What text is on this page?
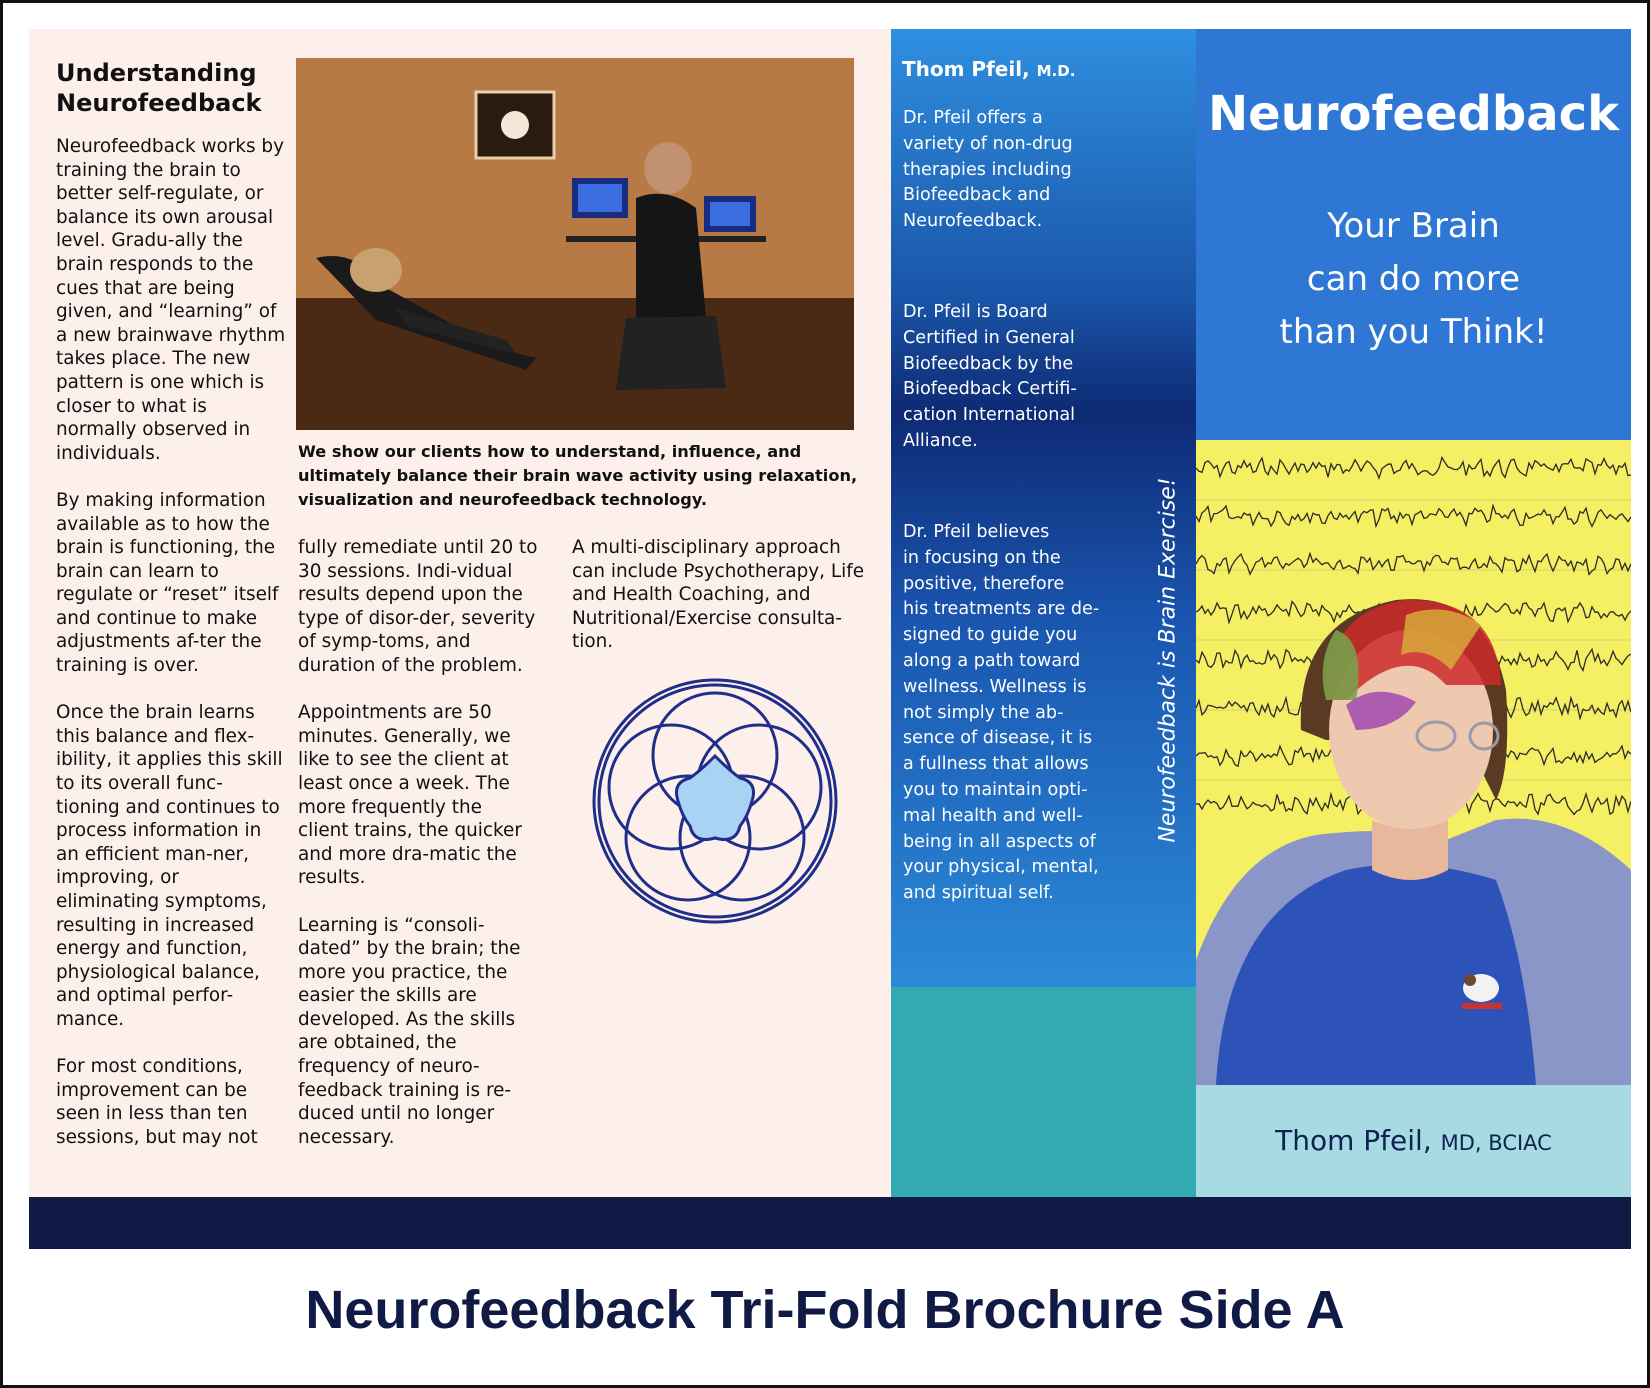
Understanding Neurofeedback

We show our clients how to understand, influence, and ultimately balance their brain wave activity using relaxation, visualization and neurofeedback technology.

Neurofeedback works by training the brain to better self-regulate, or balance its own arousal level. Gradu-ally the brain responds to the cues that are being given, and “learning” of a new brainwave rhythm takes place. The new pattern is one which is closer to what is normally observed in individuals.

By making information available as to how the brain is functioning, the brain can learn to regulate or “reset” itself and continue to make adjustments af-ter the training is over.

Once the brain learns this balance and flex-ibility, it applies this skill to its overall func-tioning and continues to process information in an efficient man-ner, improving, or eliminating symptoms, resulting in increased energy and function, physiological balance, and optimal perfor-mance.

For most conditions, improvement can be seen in less than ten sessions, but may not

fully remediate until 20 to 30 sessions. Indi-vidual results depend upon the type of disor-der, severity of symp-toms, and duration of the problem.

Appointments are 50 minutes. Generally, we like to see the client at least once a week. The more frequently the client trains, the quicker and more dra-matic the results.

Learning is “consoli-dated” by the brain; the more you practice, the easier the skills are developed. As the skills are obtained, the frequency of neuro-feedback training is re-duced until no longer necessary.

A multi-disciplinary approach can include Psychotherapy, Life and Health Coaching, and Nutritional/Exercise consulta-tion.

Thom Pfeil, M.D.

Dr. Pfeil offers a
variety of non-drug
therapies including
Biofeedback and
Neurofeedback.

Dr. Pfeil is Board
Certified in General
Biofeedback by the
Biofeedback Certifi-
cation International
Alliance.

Dr. Pfeil believes
in focusing on the
positive, therefore
his treatments are de-
signed to guide you
along a path toward
wellness. Wellness is
not simply the ab-
sence of disease, it is
a fullness that allows
you to maintain opti-
mal health and well-
being in all aspects of
your physical, mental,
and spiritual self.

Neurofeedback is Brain Exercise!
Neurofeedback

Your Brain
can do more
than you Think!

Thom Pfeil, MD, BCIAC

Neurofeedback Tri-Fold Brochure Side A
